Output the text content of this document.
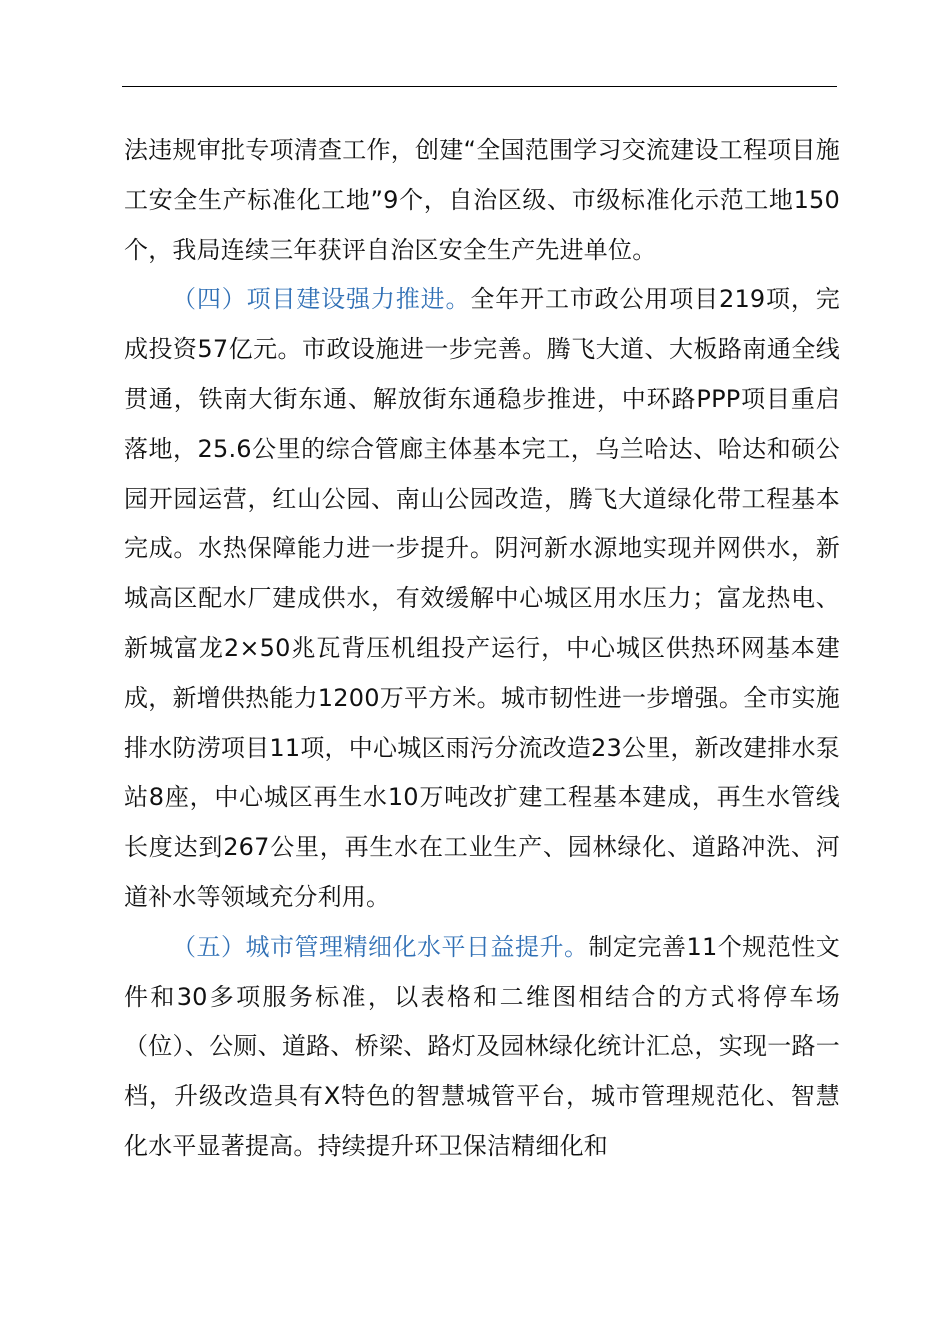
法违规审批专项清查工作，创建“全国范围学习交流建设工程项目施工安全生产标准化工地”9个，自治区级、市级标准化示范工地150个，我局连续三年获评自治区安全生产先进单位。

（四）项目建设强力推进。全年开工市政公用项目219项，完成投资57亿元。市政设施进一步完善。腾飞大道、大板路南通全线贯通，铁南大街东通、解放街东通稳步推进，中环路PPP项目重启落地，25.6公里的综合管廊主体基本完工，乌兰哈达、哈达和硕公园开园运营，红山公园、南山公园改造，腾飞大道绿化带工程基本完成。水热保障能力进一步提升。阴河新水源地实现并网供水，新城高区配水厂建成供水，有效缓解中心城区用水压力；富龙热电、新城富龙2×50兆瓦背压机组投产运行，中心城区供热环网基本建成，新增供热能力1200万平方米。城市韧性进一步增强。全市实施排水防涝项目11项，中心城区雨污分流改造23公里，新改建排水泵站8座，中心城区再生水10万吨改扩建工程基本建成，再生水管线长度达到267公里，再生水在工业生产、园林绿化、道路冲洗、河道补水等领域充分利用。

（五）城市管理精细化水平日益提升。制定完善11个规范性文件和30多项服务标准，以表格和二维图相结合的方式将停车场（位）、公厕、道路、桥梁、路灯及园林绿化统计汇总，实现一路一档，升级改造具有X特色的智慧城管平台，城市管理规范化、智慧化水平显著提高。持续提升环卫保洁精细化和
